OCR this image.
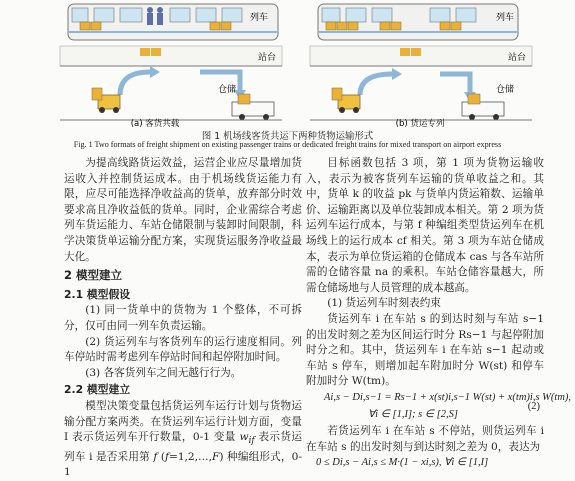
列车
站台
仓储
(a) 客货共载
列车
站台
仓储
(b) 货运专列
图 1 机场线客货共运下两种货物运输形式
Fig. 1 Two formats of freight shipment on existing passenger trains or dedicated freight trains for mixed transport on airport express

为提高线路货运效益，运营企业应尽量增加货运收入并控制货运成本。由于机场线货运能力有限，应尽可能选择净收益高的货单，放弃部分时效要求高且净收益低的货单。同时，企业需综合考虑列车货运能力、车站仓储限制与装卸时间限制，科学决策货单运输分配方案，实现货运服务净收益最大化。

2 模型建立
2.1 模型假设

(1) 同一货单中的货物为 1 个整体，不可拆分，仅可由同一列车负责运输。

(2) 货运列车与客货列车的运行速度相同。列车停站时需考虑列车停站时间和起停附加时间。

(3) 各客货列车之间无越行行为。

2.2 模型建立

模型决策变量包括货运列车运行计划与货物运输分配方案两类。在货运列车运行计划方面，变量 I 表示货运列车开行数量，0-1 变量 $w_{if}$ 表示货运列车 i 是否采用第 f (f=1,2,…,F) 种编组形式，0-1

目标函数包括 3 项，第 1 项为货物运输收入，表示为被客货列车运输的货单收益之和。其中，货单 k 的收益 pk 与货单内货运箱数、运输单价、运输距离以及单位装卸成本相关。第 2 项为货运列车运行成本，与第 f 种编组类型货运列车在机场线上的运行成本 cf 相关。第 3 项为车站仓储成本，表示为单位货运箱的仓储成本 cas 与各车站所需的仓储容量 na 的乘积。车站仓储容量越大，所需仓储场地与人员管理的成本越高。

(1) 货运列车时刻表约束

货运列车 i 在车站 s 的到达时刻与车站 s−1 的出发时刻之差为区间运行时分 Rs−1 与起停附加时分之和。其中，货运列车 i 在车站 s−1 起动或车站 s 停车，则增加起车附加时分 W(st) 和停车附加时分 W(tm)。

Ai,s − Di,s−1 = Rs−1 + x(st)i,s−1 W(st) + x(tm)i,s W(tm),
∀i ∈ [1,I]; s ∈ [2,S]
(2)

若货运列车 i 在车站 s 不停站，则货运列车 i 在车站 s 的出发时刻与到达时刻之差为 0，表达为

0 ≤ Di,s − Ai,s ≤ M·(1 − xi,s), ∀i ∈ [1,I]
